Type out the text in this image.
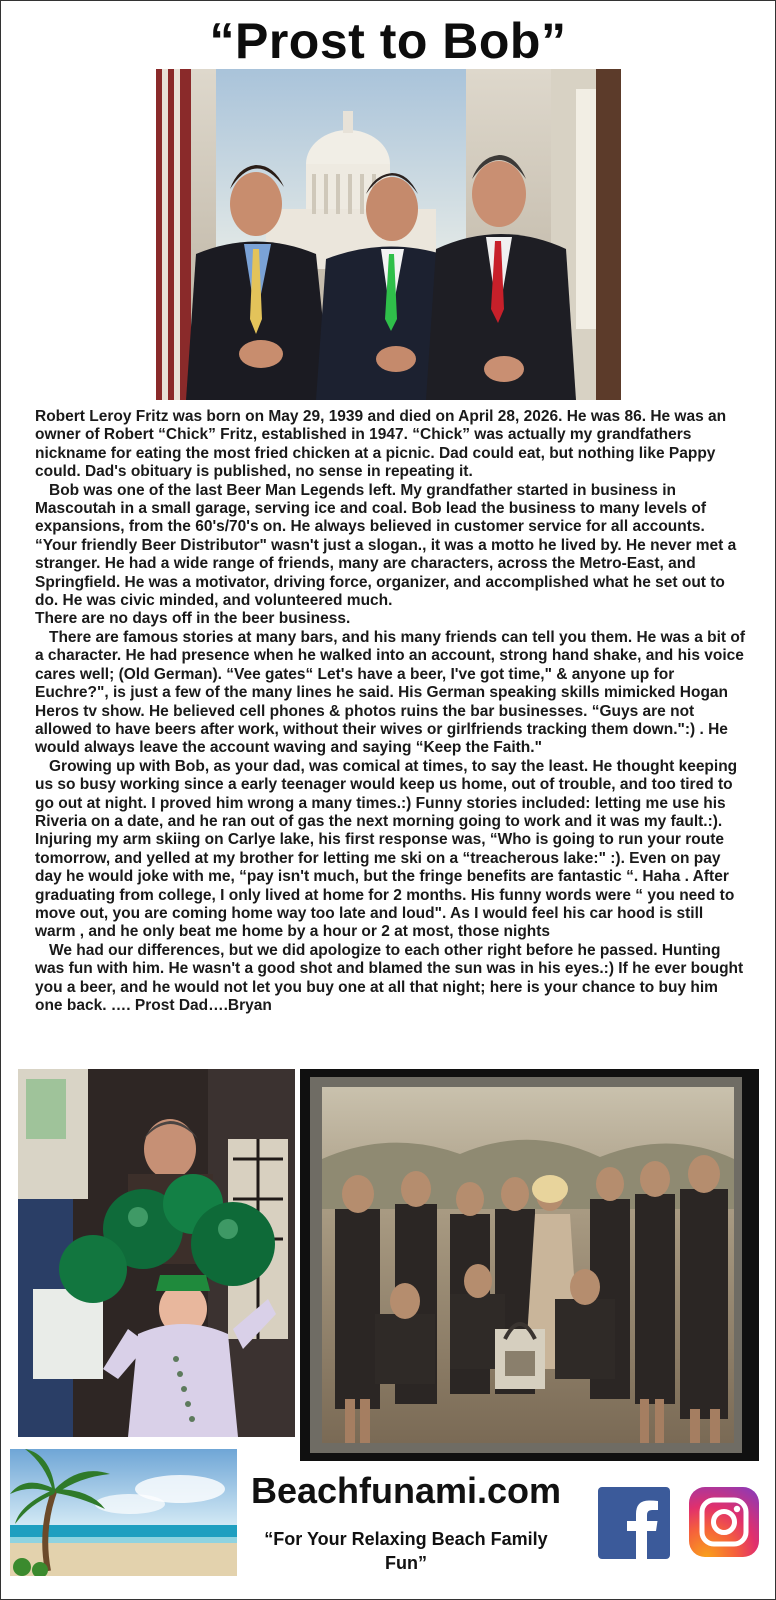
“Prost to Bob”

Robert Leroy Fritz was born on May 29, 1939 and died on April 28, 2026. He was 86. He was an owner of Robert “Chick” Fritz, established in 1947. “Chick” was actually my grandfathers nickname for eating the most fried chicken at a picnic. Dad could eat, but nothing like Pappy could. Dad's obituary is published, no sense in repeating it.

Bob was one of the last Beer Man Legends left. My grandfather started in business in Mascoutah in a small garage, serving ice and coal. Bob lead the business to many levels of expansions, from the 60's/70's on. He always believed in customer service for all accounts. “Your friendly Beer Distributor" wasn't just a slogan., it was a motto he lived by. He never met a stranger. He had a wide range of friends, many are characters, across the Metro-East, and Springfield. He was a motivator, driving force, organizer, and accomplished what he set out to do. He was civic minded, and volunteered much.

There are no days off in the beer business.

There are famous stories at many bars, and his many friends can tell you them. He was a bit of a character. He had presence when he walked into an account, strong hand shake, and his voice cares well; (Old German). “Vee gates“ Let's have a beer, I've got time," & anyone up for Euchre?", is just a few of the many lines he said. His German speaking skills mimicked Hogan Heros tv show. He believed cell phones & photos ruins the bar businesses. “Guys are not allowed to have beers after work, without their wives or girlfriends tracking them down.":) . He would always leave the account waving and saying “Keep the Faith."

Growing up with Bob, as your dad, was comical at times, to say the least. He thought keeping us so busy working since a early teenager would keep us home, out of trouble, and too tired to go out at night. I proved him wrong a many times.:) Funny stories included: letting me use his Riveria on a date, and he ran out of gas the next morning going to work and it was my fault.:). Injuring my arm skiing on Carlye lake, his first response was, “Who is going to run your route tomorrow, and yelled at my brother for letting me ski on a “treacherous lake:" :). Even on pay day he would joke with me, “pay isn't much, but the fringe benefits are fantastic “. Haha . After graduating from college, I only lived at home for 2 months. His funny words were “ you need to move out, you are coming home way too late and loud". As I would feel his car hood is still warm , and he only beat me home by a hour or 2 at most, those nights

We had our differences, but we did apologize to each other right before he passed. Hunting was fun with him. He wasn't a good shot and blamed the sun was in his eyes.:) If he ever bought you a beer, and he would not let you buy one at all that night; here is your chance to buy him one back. …. Prost Dad….Bryan

Beachfunami.com
“For Your Relaxing Beach Family Fun”
